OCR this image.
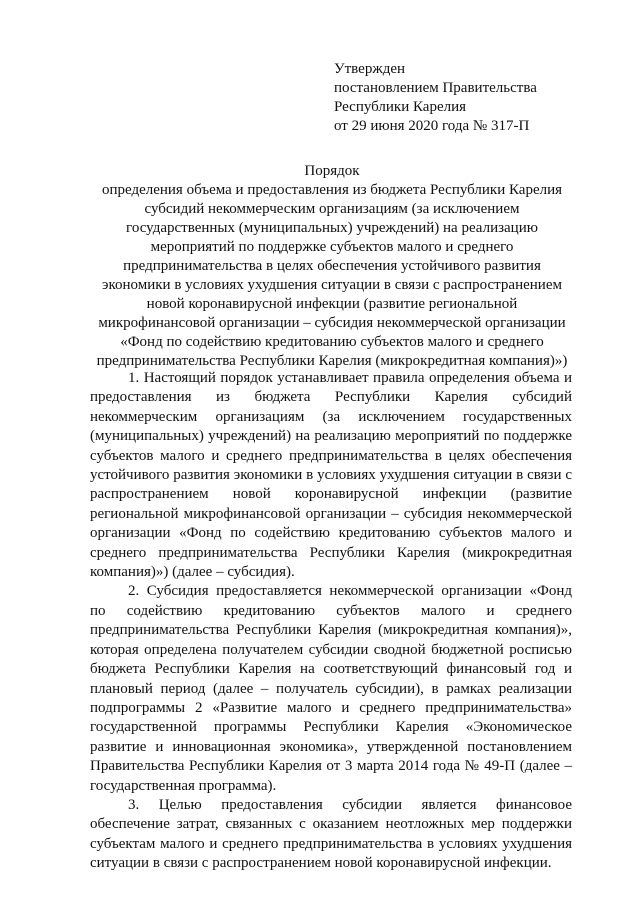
Утвержден
постановлением Правительства
Республики Карелия
от 29 июня 2020 года № 317-П
Порядок
определения объема и предоставления из бюджета Республики Карелия
субсидий некоммерческим организациям (за исключением
государственных (муниципальных) учреждений) на реализацию
мероприятий по поддержке субъектов малого и среднего
предпринимательства в целях обеспечения устойчивого развития
экономики в условиях ухудшения ситуации в связи с распространением
новой коронавирусной инфекции (развитие региональной
микрофинансовой организации – субсидия некоммерческой организации
«Фонд по содействию кредитованию субъектов малого и среднего
предпринимательства Республики Карелия (микрокредитная компания)»)

1. Настоящий порядок устанавливает правила определения объема и предоставления из бюджета Республики Карелия субсидий некоммерческим организациям (за исключением государственных (муниципальных) учреждений) на реализацию мероприятий по поддержке субъектов малого и среднего предпринимательства в целях обеспечения устойчивого развития экономики в условиях ухудшения ситуации в связи с распространением новой коронавирусной инфекции (развитие региональной микрофинансовой организации – субсидия некоммерческой организации «Фонд по содействию кредитованию субъектов малого и среднего предпринимательства Республики Карелия (микрокредитная компания)») (далее – субсидия).

2. Субсидия предоставляется некоммерческой организации «Фонд по содействию кредитованию субъектов малого и среднего предпринимательства Республики Карелия (микрокредитная компания)», которая определена получателем субсидии сводной бюджетной росписью бюджета Республики Карелия на соответствующий финансовый год и плановый период (далее – получатель субсидии), в рамках реализации подпрограммы 2 «Развитие малого и среднего предпринимательства» государственной программы Республики Карелия «Экономическое развитие и инновационная экономика», утвержденной постановлением Правительства Республики Карелия от 3 марта 2014 года № 49-П (далее – государственная программа).

3. Целью предоставления субсидии является финансовое обеспечение затрат, связанных с оказанием неотложных мер поддержки субъектам малого и среднего предпринимательства в условиях ухудшения ситуации в связи с распространением новой коронавирусной инфекции.
